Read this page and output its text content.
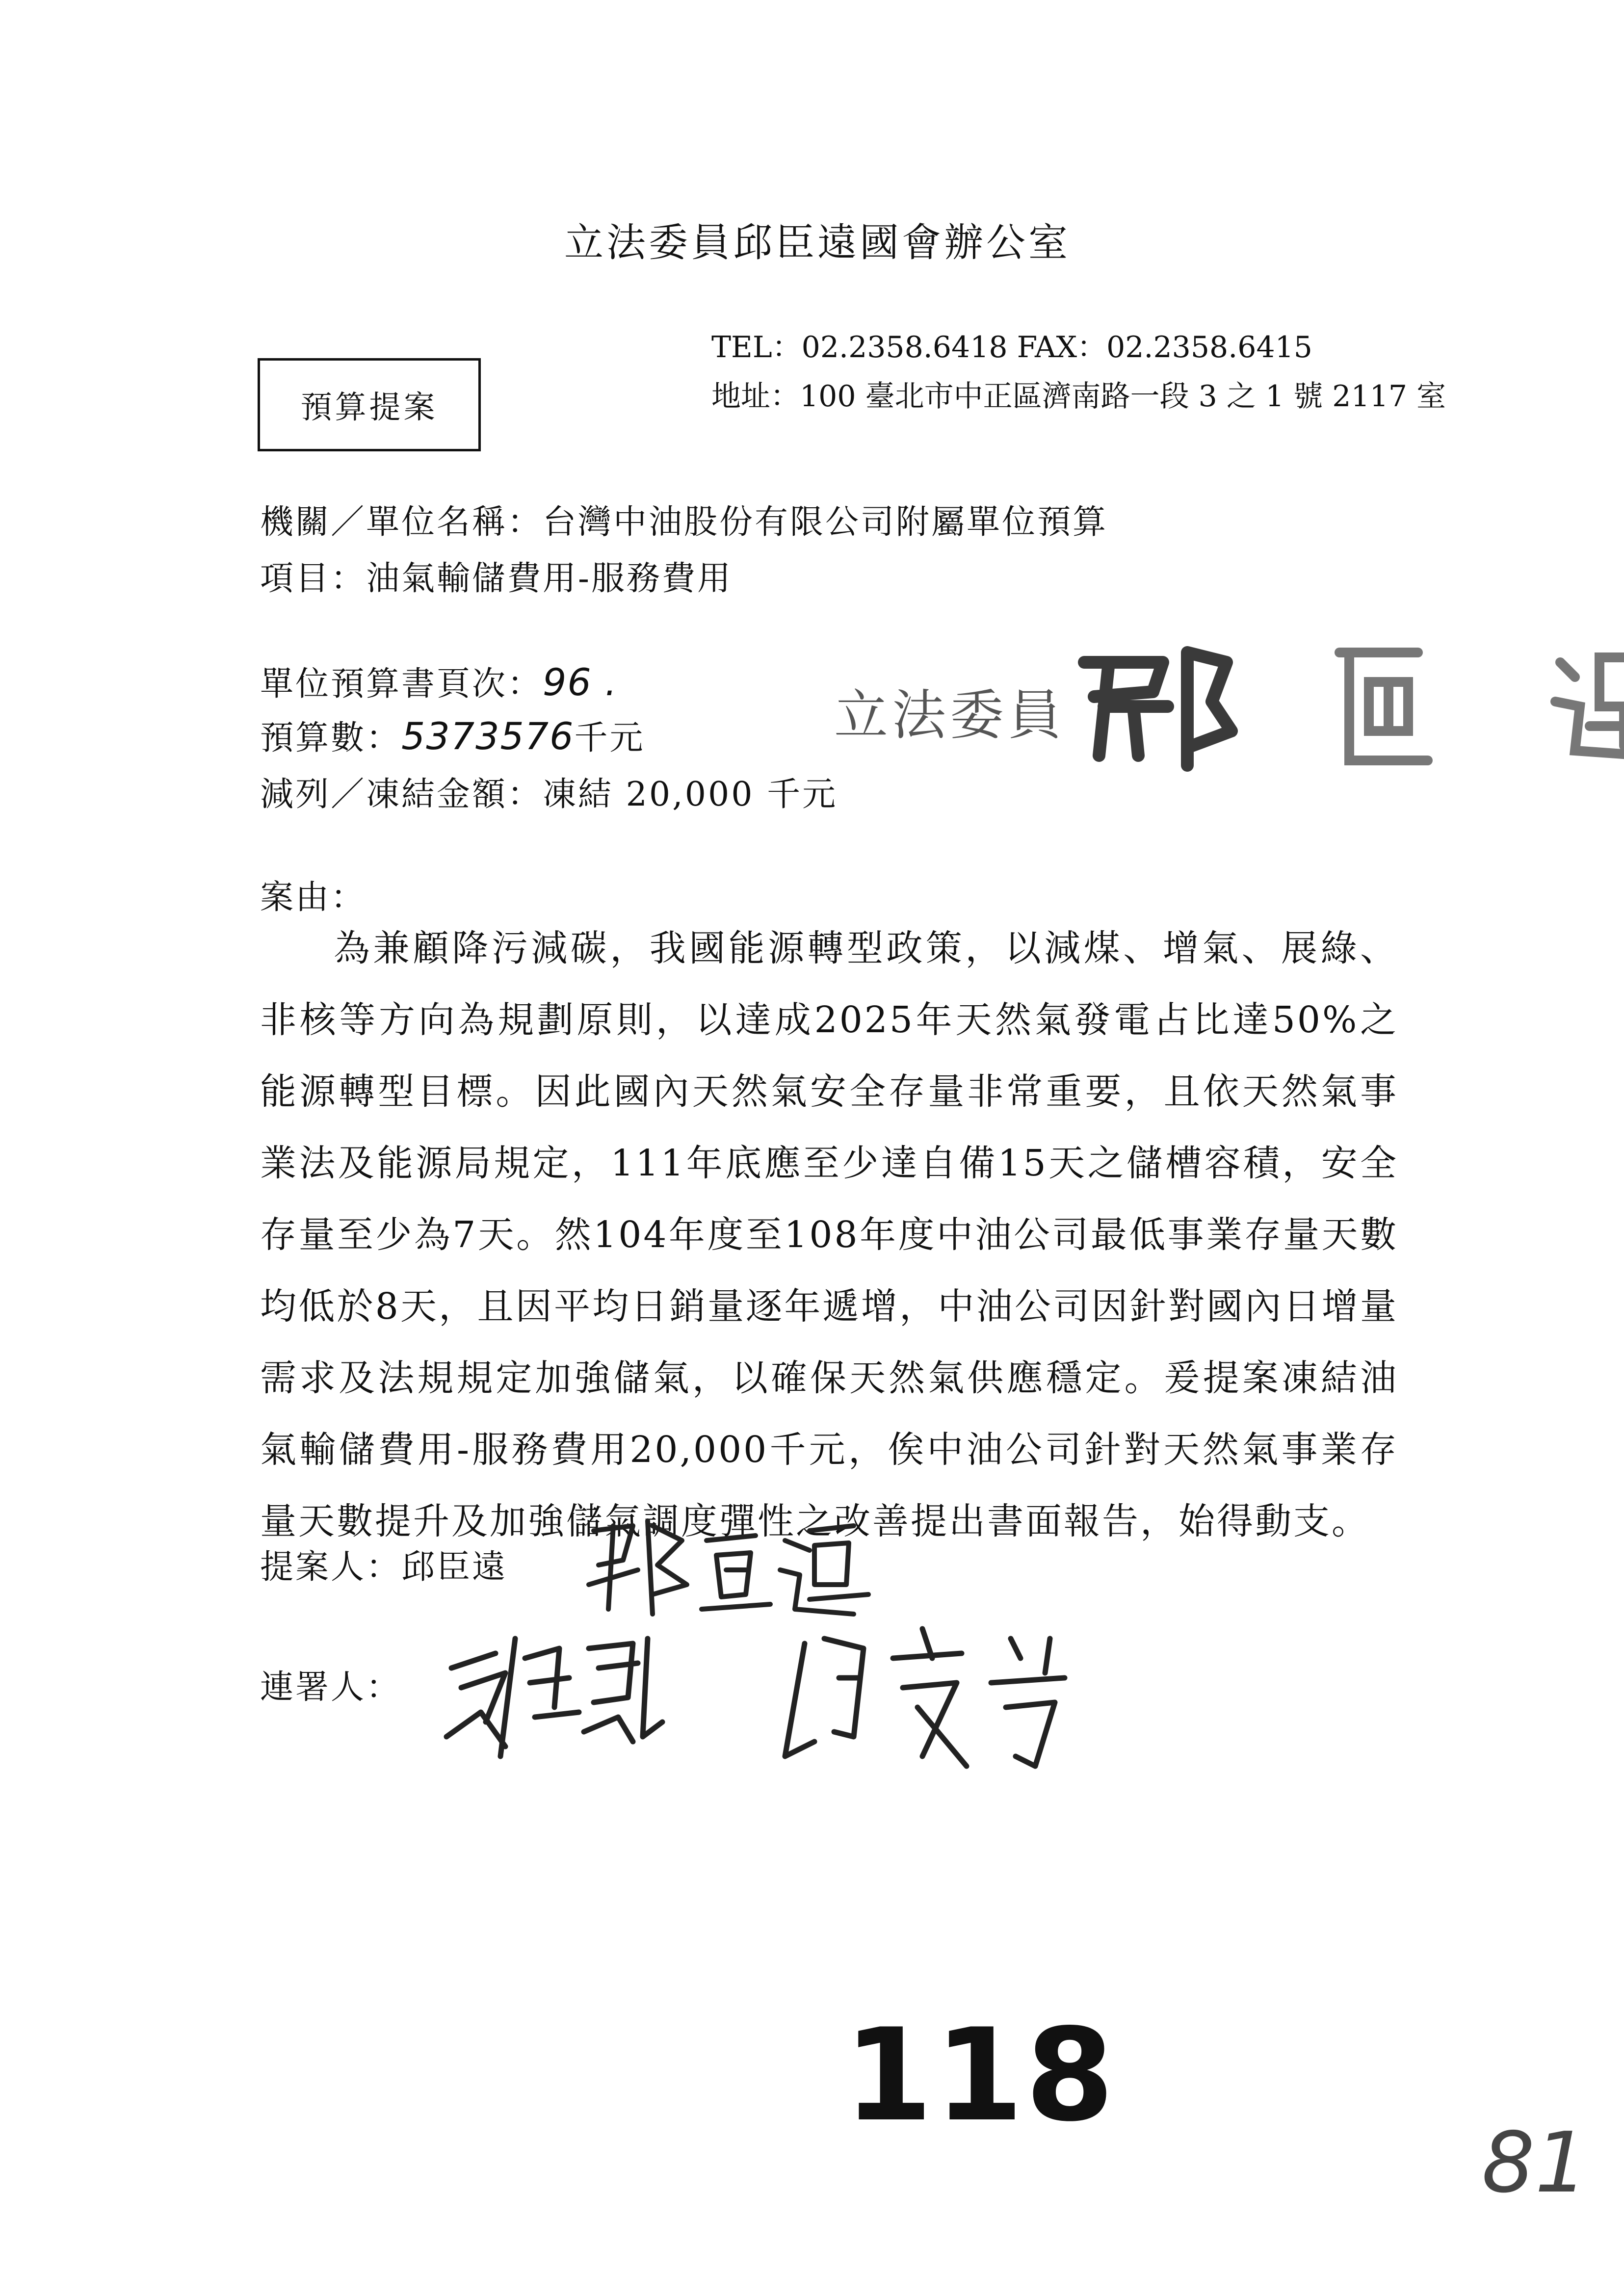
立法委員邱臣遠國會辦公室
TEL：02.2358.6418 FAX：02.2358.6415
地址：100 臺北市中正區濟南路一段 3 之 1 號 2117 室
預算提案
機關／單位名稱：台灣中油股份有限公司附屬單位預算
項目：油氣輸儲費用-服務費用
單位預算書頁次：96 .
預算數：5373576千元
減列／凍結金額：凍結 20,000 千元
立法委員
案由：
為兼顧降污減碳，我國能源轉型政策，以減煤、增氣、展綠、非核等方向為規劃原則，以達成2025年天然氣發電占比達50%之能源轉型目標。因此國內天然氣安全存量非常重要，且依天然氣事業法及能源局規定，111年底應至少達自備15天之儲槽容積，安全存量至少為7天。然104年度至108年度中油公司最低事業存量天數均低於8天，且因平均日銷量逐年遞增，中油公司因針對國內日增量需求及法規規定加強儲氣，以確保天然氣供應穩定。爰提案凍結油氣輸儲費用-服務費用20,000千元，俟中油公司針對天然氣事業存量天數提升及加強儲氣調度彈性之改善提出書面報告，始得動支。
提案人：邱臣遠
連署人：
118
81
